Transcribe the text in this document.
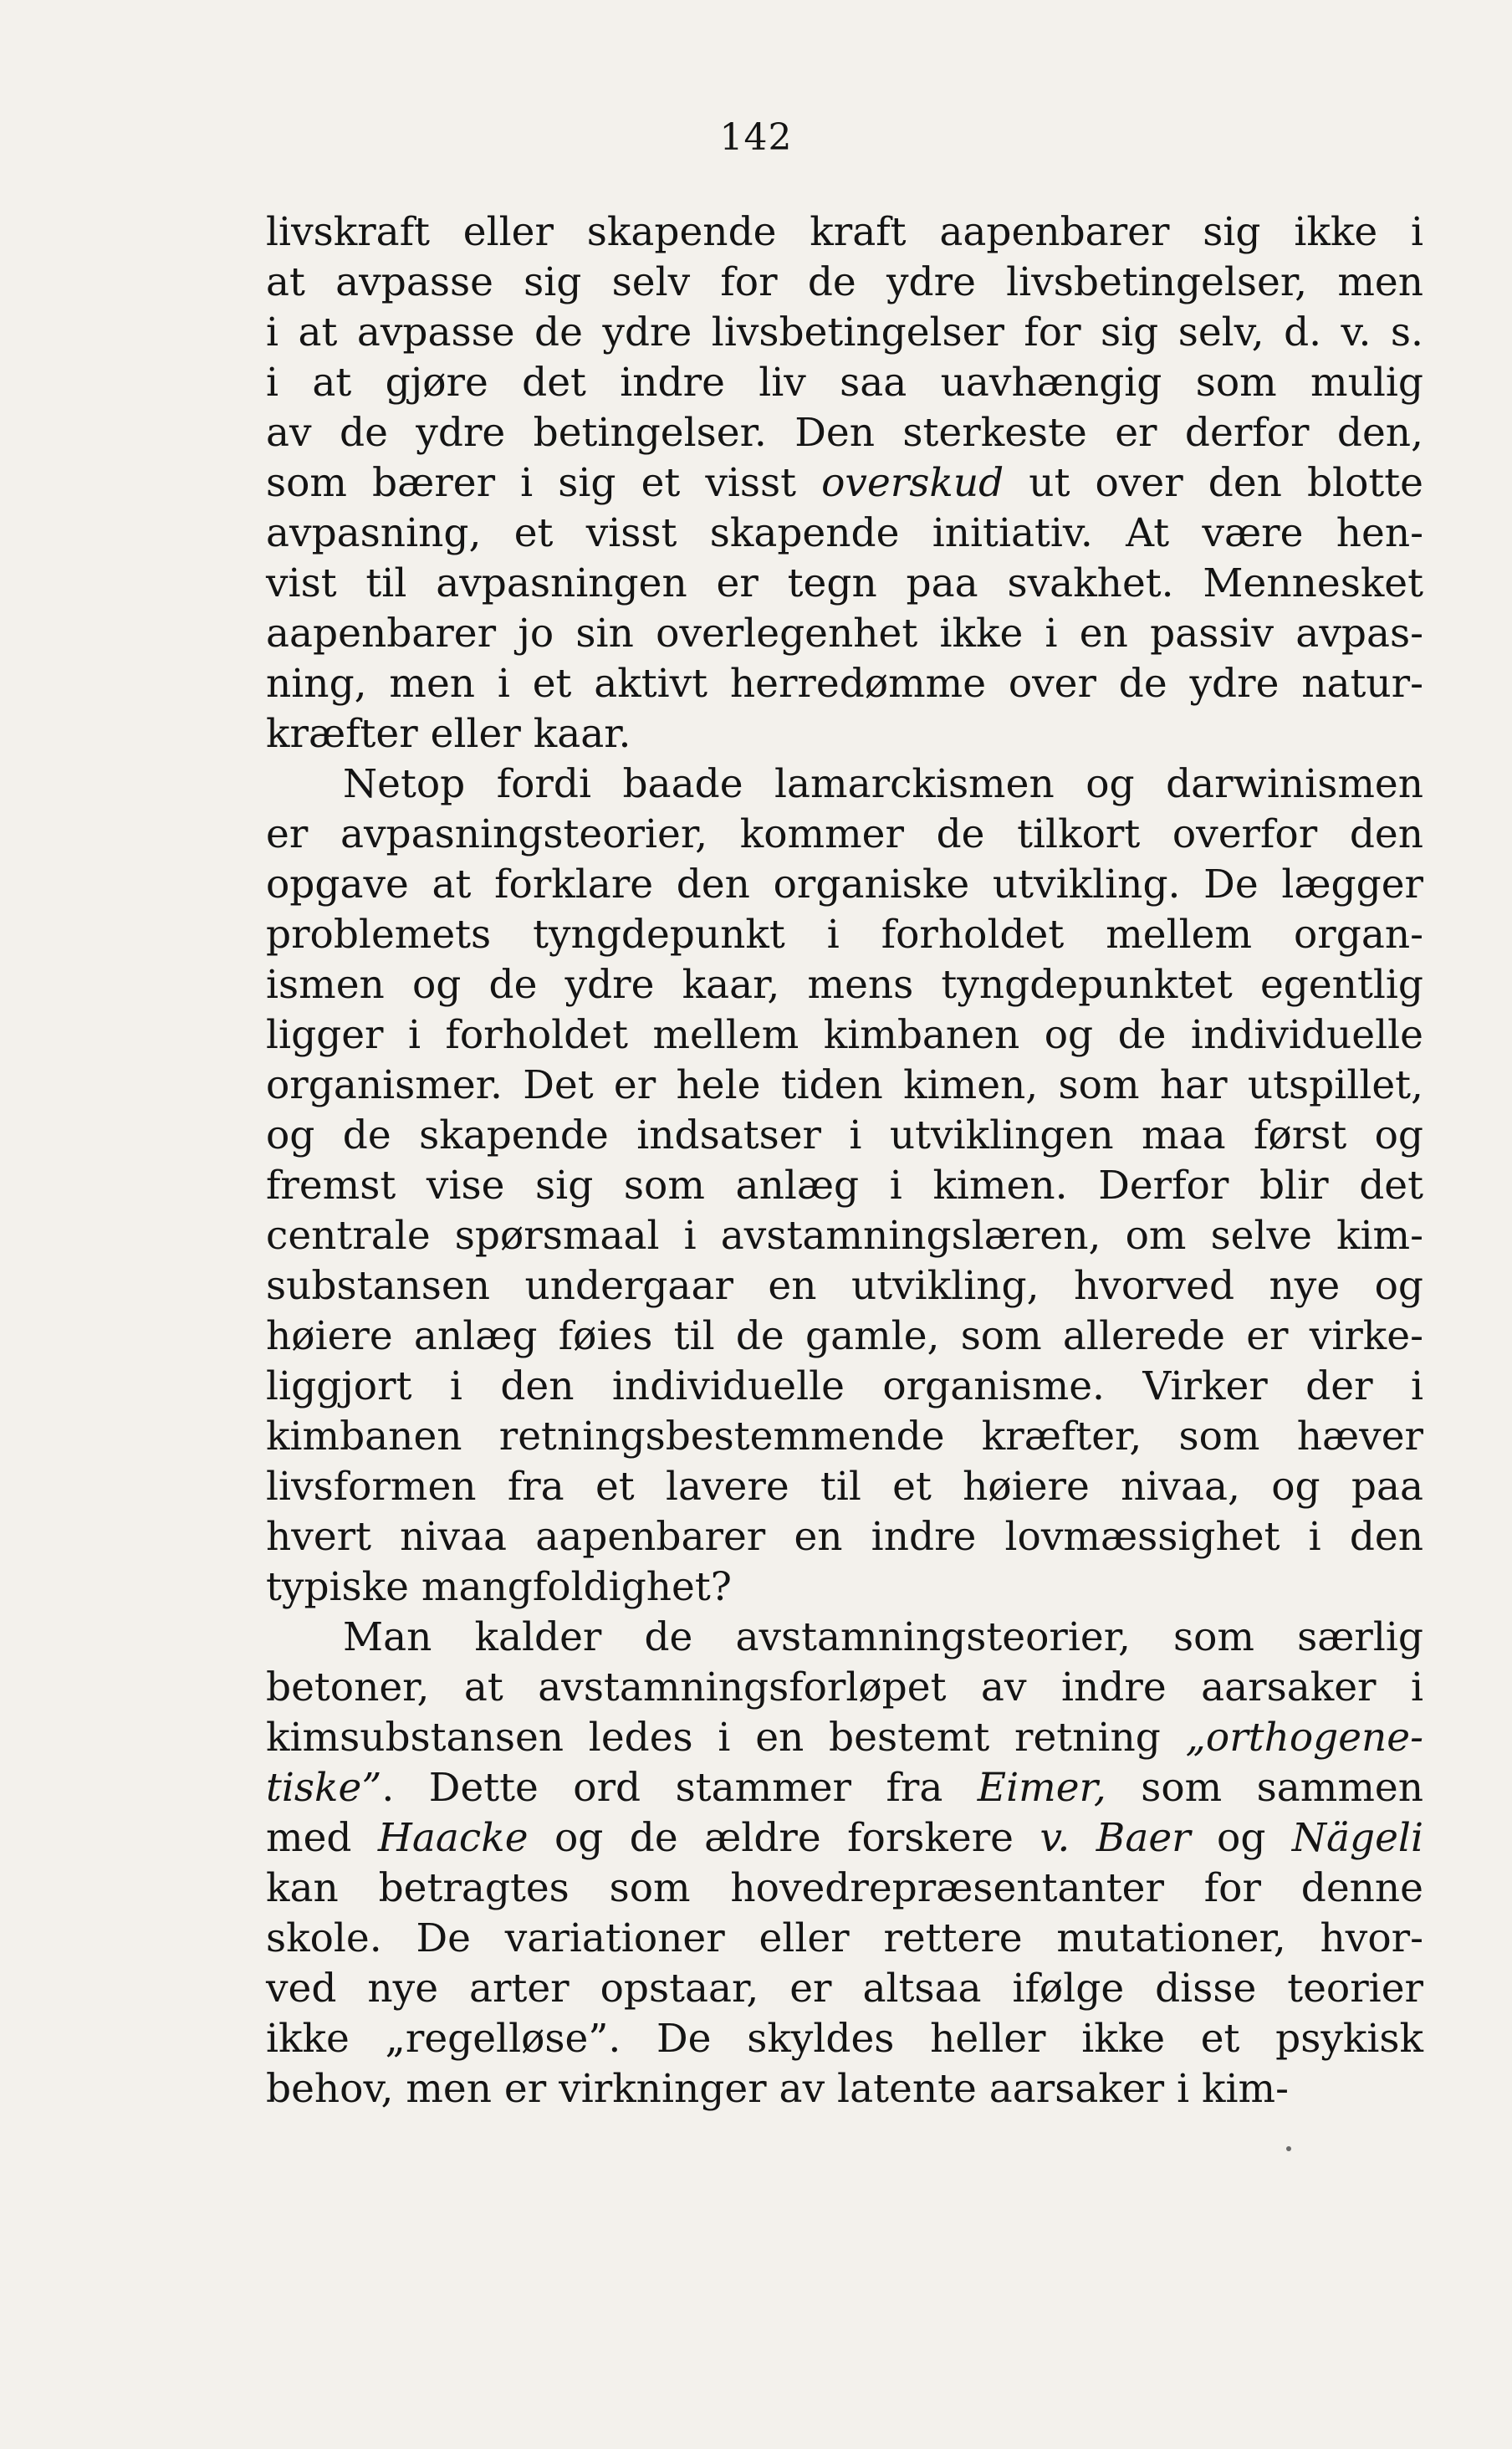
142
livskraft eller skapende kraft aapenbarer sig ikke i
at avpasse sig selv for de ydre livsbetingelser, men
i at avpasse de ydre livsbetingelser for sig selv, d. v. s.
i at gjøre det indre liv saa uavhængig som mulig
av de ydre betingelser. Den sterkeste er derfor den,
som bærer i sig et visst overskud ut over den blotte
avpasning, et visst skapende initiativ. At være hen-
vist til avpasningen er tegn paa svakhet. Mennesket
aapenbarer jo sin overlegenhet ikke i en passiv avpas-
ning, men i et aktivt herredømme over de ydre natur-
kræfter eller kaar.
Netop fordi baade lamarckismen og darwinismen
er avpasningsteorier, kommer de tilkort overfor den
opgave at forklare den organiske utvikling. De lægger
problemets tyngdepunkt i forholdet mellem organ-
ismen og de ydre kaar, mens tyngdepunktet egentlig
ligger i forholdet mellem kimbanen og de individuelle
organismer. Det er hele tiden kimen, som har utspillet,
og de skapende indsatser i utviklingen maa først og
fremst vise sig som anlæg i kimen. Derfor blir det
centrale spørsmaal i avstamningslæren, om selve kim-
substansen undergaar en utvikling, hvorved nye og
høiere anlæg føies til de gamle, som allerede er virke-
liggjort i den individuelle organisme. Virker der i
kimbanen retningsbestemmende kræfter, som hæver
livsformen fra et lavere til et høiere nivaa, og paa
hvert nivaa aapenbarer en indre lovmæssighet i den
typiske mangfoldighet?
Man kalder de avstamningsteorier, som særlig
betoner, at avstamningsforløpet av indre aarsaker i
kimsubstansen ledes i en bestemt retning „orthogene-
tiske”. Dette ord stammer fra Eimer, som sammen
med Haacke og de ældre forskere v. Baer og Nägeli
kan betragtes som hovedrepræsentanter for denne
skole. De variationer eller rettere mutationer, hvor-
ved nye arter opstaar, er altsaa ifølge disse teorier
ikke „regelløse”. De skyldes heller ikke et psykisk
behov, men er virkninger av latente aarsaker i kim-
